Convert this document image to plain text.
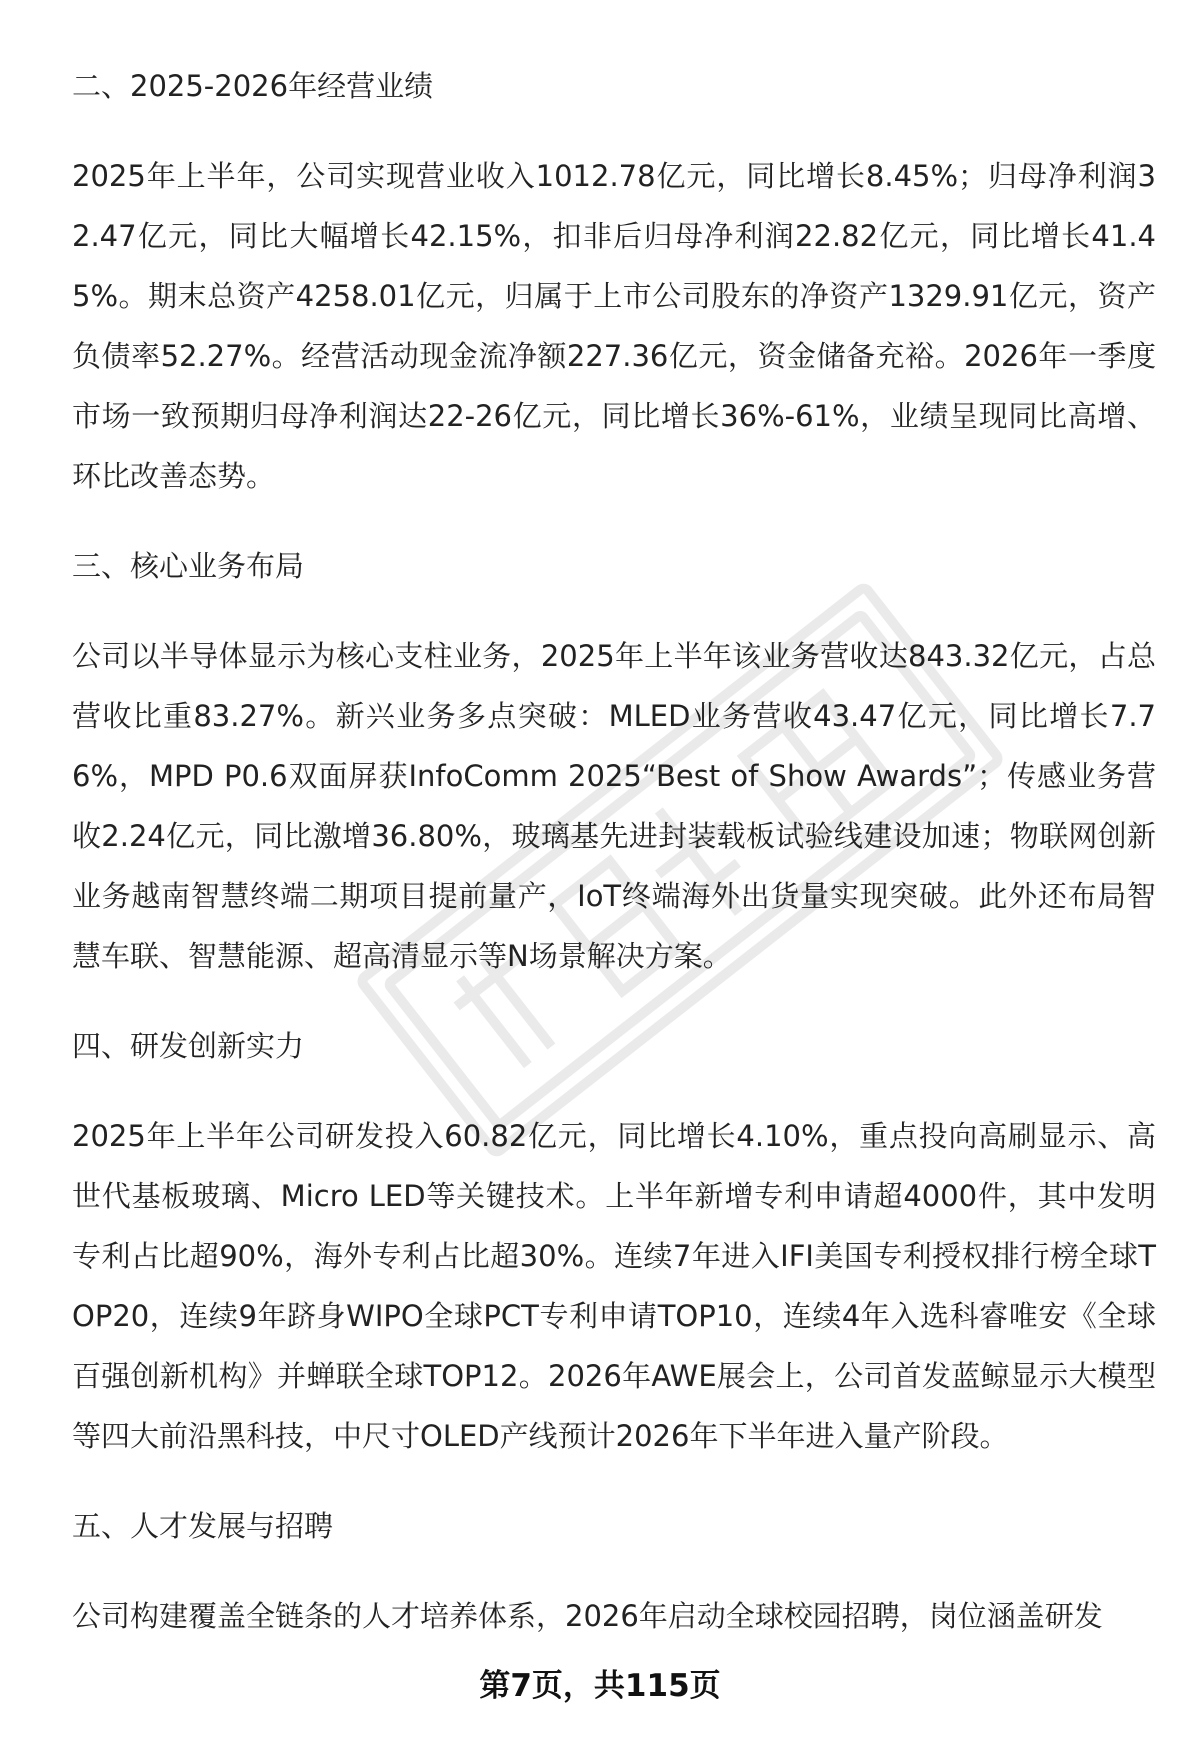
二、2025-2026年经营业绩

2025年上半年，公司实现营业收入1012.78亿元，同比增长8.45%；归母净利润32.47亿元，同比大幅增长42.15%，扣非后归母净利润22.82亿元，同比增长41.45%。期末总资产4258.01亿元，归属于上市公司股东的净资产1329.91亿元，资产负债率52.27%。经营活动现金流净额227.36亿元，资金储备充裕。2026年一季度市场一致预期归母净利润达22-26亿元，同比增长36%-61%，业绩呈现同比高增、环比改善态势。

三、核心业务布局

公司以半导体显示为核心支柱业务，2025年上半年该业务营收达843.32亿元，占总营收比重83.27%。新兴业务多点突破：MLED业务营收43.47亿元，同比增长7.76%，MPD P0.6双面屏获InfoComm 2025“Best of Show Awards”；传感业务营收2.24亿元，同比激增36.80%，玻璃基先进封装载板试验线建设加速；物联网创新业务越南智慧终端二期项目提前量产，IoT终端海外出货量实现突破。此外还布局智慧车联、智慧能源、超高清显示等N场景解决方案。

四、研发创新实力

2025年上半年公司研发投入60.82亿元，同比增长4.10%，重点投向高刷显示、高世代基板玻璃、Micro LED等关键技术。上半年新增专利申请超4000件，其中发明专利占比超90%，海外专利占比超30%。连续7年进入IFI美国专利授权排行榜全球TOP20，连续9年跻身WIPO全球PCT专利申请TOP10，连续4年入选科睿唯安《全球百强创新机构》并蝉联全球TOP12。2026年AWE展会上，公司首发蓝鲸显示大模型等四大前沿黑科技，中尺寸OLED产线预计2026年下半年进入量产阶段。

五、人才发展与招聘

公司构建覆盖全链条的人才培养体系，2026年启动全球校园招聘，岗位涵盖研发

第7页，共115页
